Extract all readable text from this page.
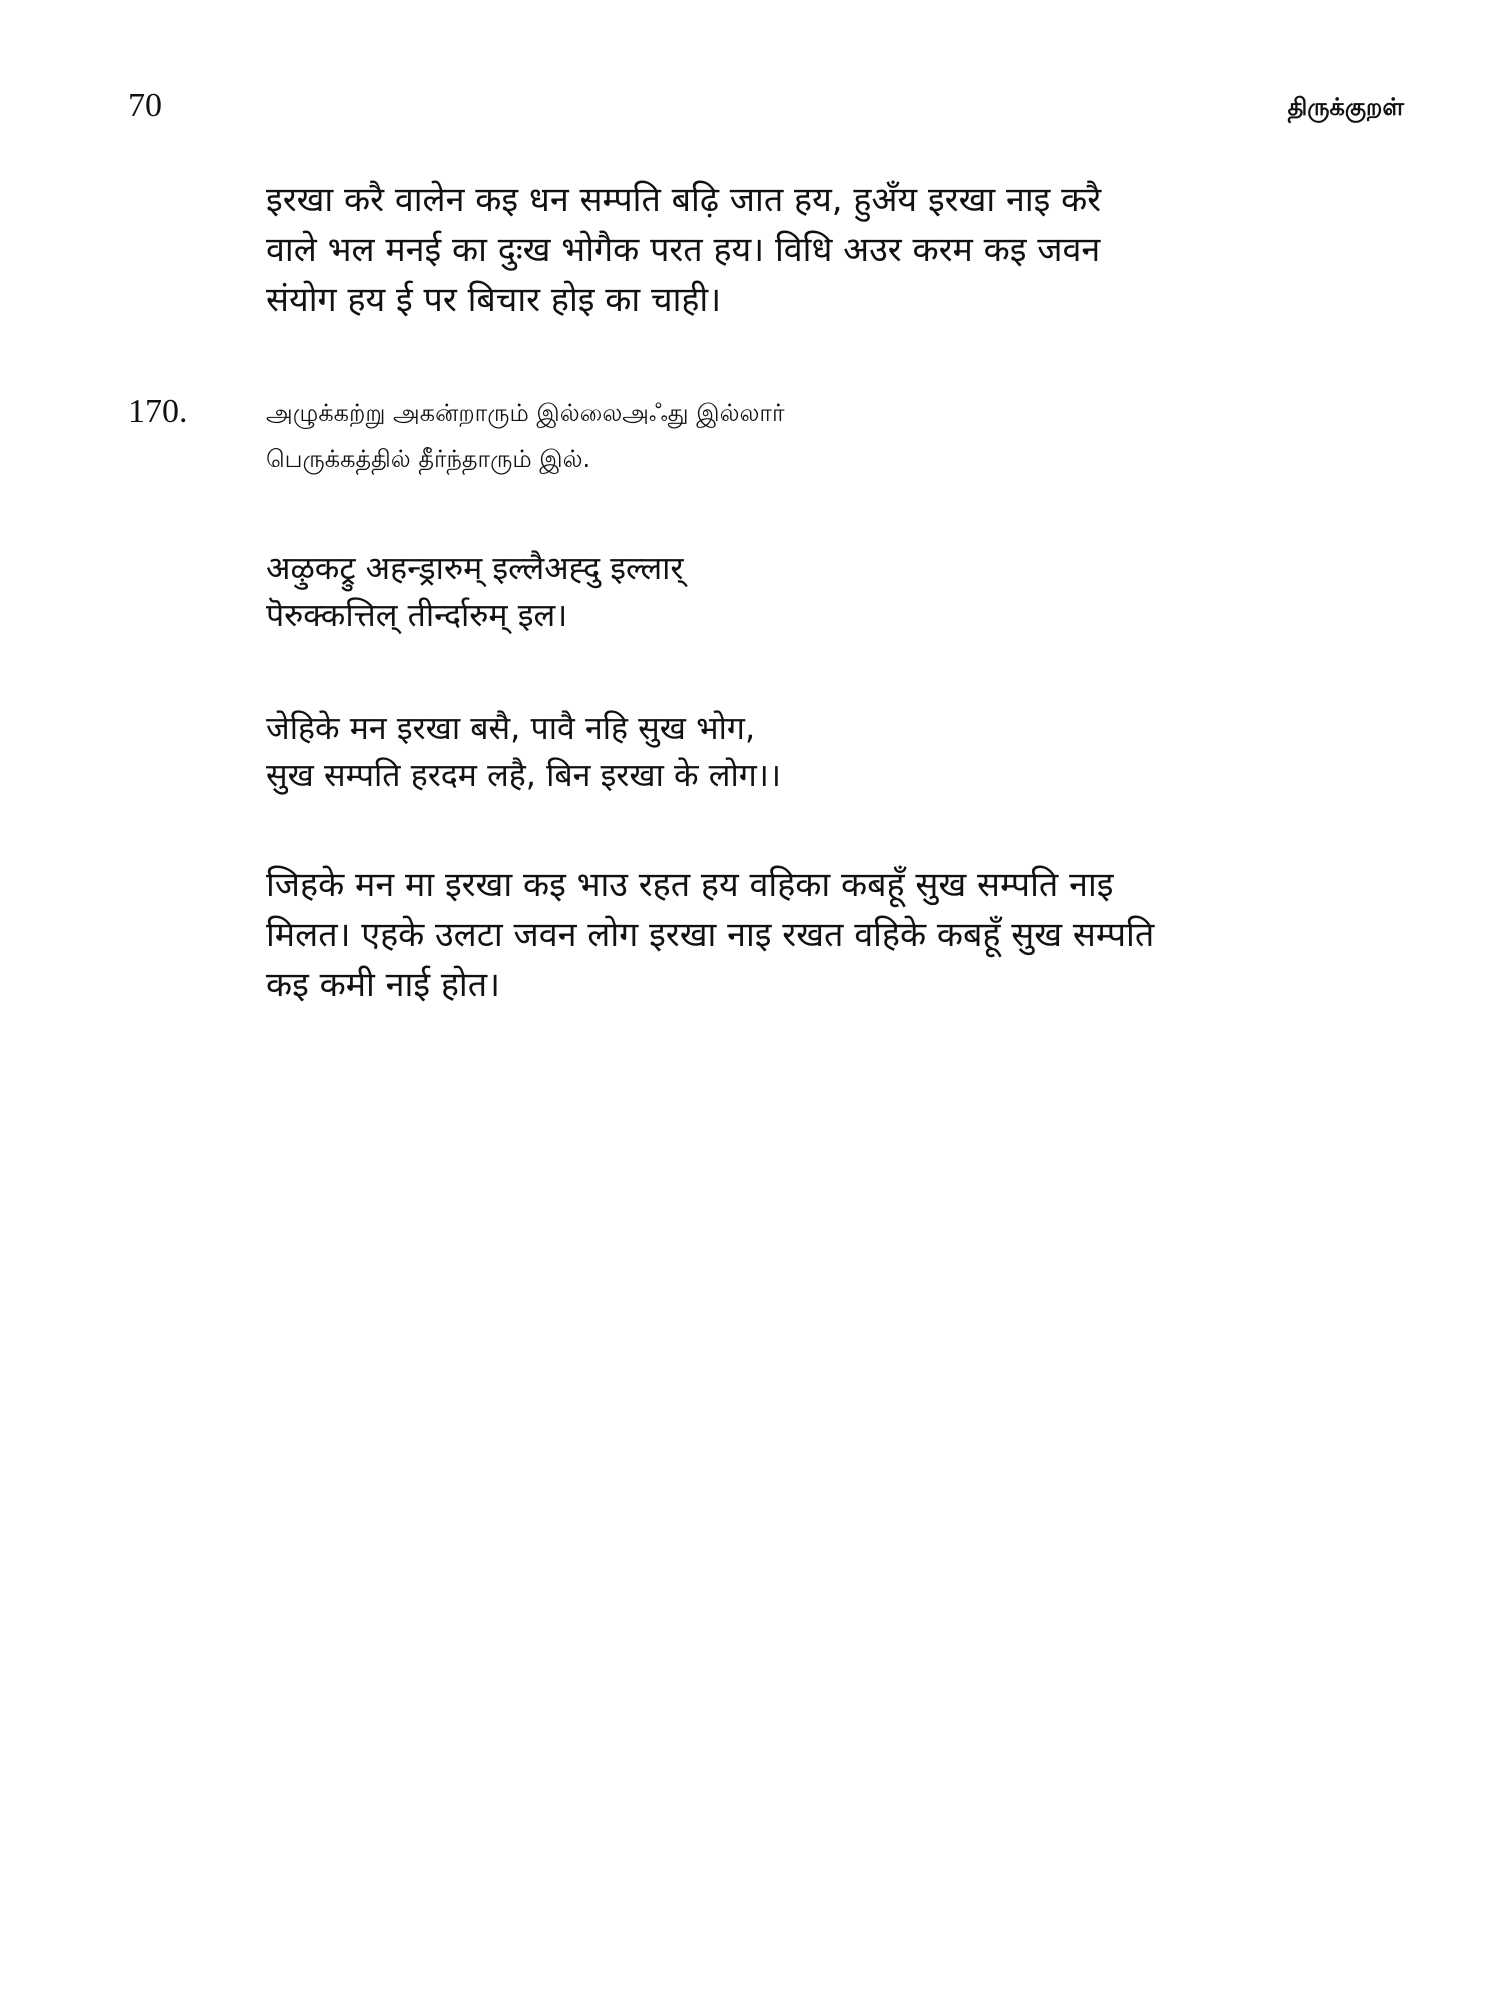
70	திருக்குறள்
इरखा करै वालेन कइ धन सम्पति बढ़ि जात हय, हुअँय इरखा नाइ करै
वाले भल मनई का दुःख भोगैक परत हय। विधि अउर करम कइ जवन
संयोग हय ई पर बिचार होइ का चाही।
170.	அழுக்கற்று அகன்றாரும் இல்லைஅஃது இல்லார்
பெருக்கத்தில் தீர்ந்தாரும் இல்.
अऴुकट्रु अहन्ड्रारुम् इल्लैअह्दु इल्लार्
पॆरुक्कत्तिल् तीर्न्दारुम् इल।
जेहिके मन इरखा बसै, पावै नहि सुख भोग,
सुख सम्पति हरदम लहै, बिन इरखा के लोग।।
जिहके मन मा इरखा कइ भाउ रहत हय वहिका कबहूँ सुख सम्पति नाइ
मिलत। एहके उलटा जवन लोग इरखा नाइ रखत वहिके कबहूँ सुख सम्पति
कइ कमी नाई होत।
